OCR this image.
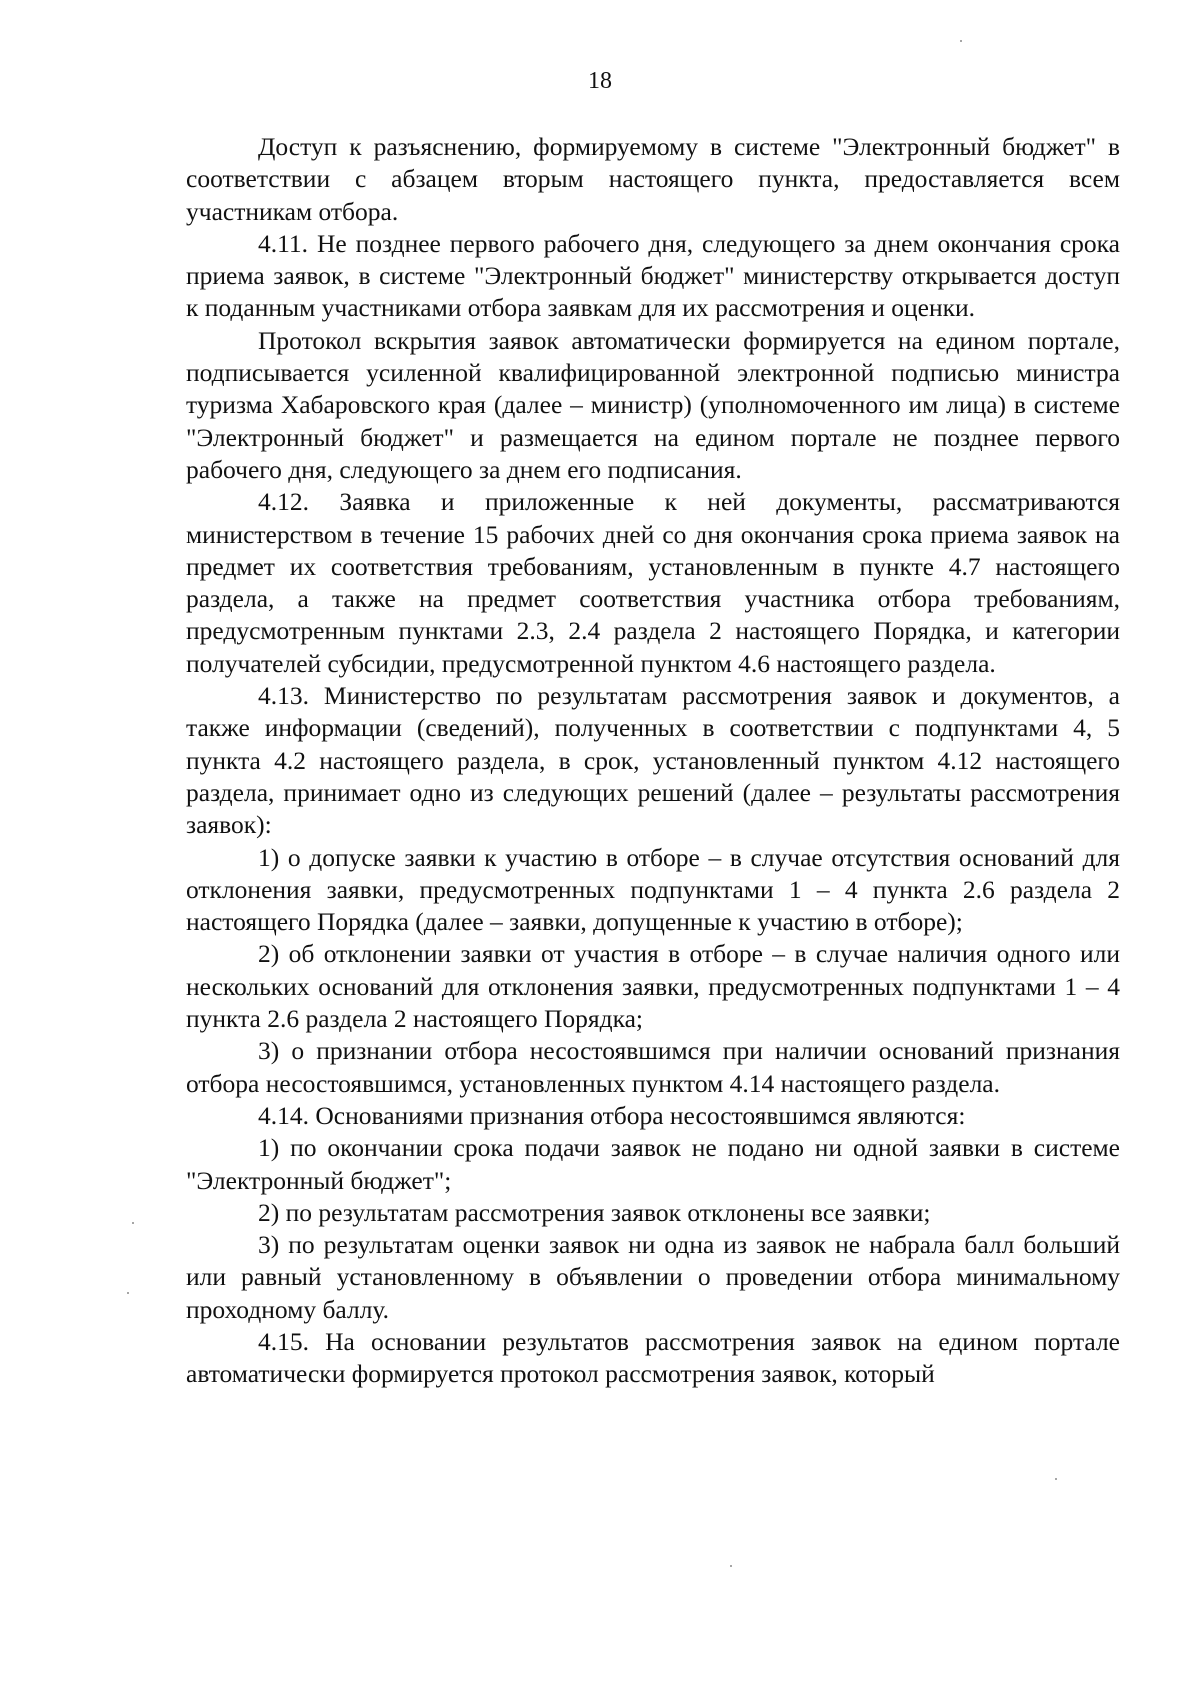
18

Доступ к разъяснению, формируемому в системе "Электронный бюджет" в соответствии с абзацем вторым настоящего пункта, предоставляется всем участникам отбора.

4.11. Не позднее первого рабочего дня, следующего за днем окончания срока приема заявок, в системе "Электронный бюджет" министерству открывается доступ к поданным участниками отбора заявкам для их рассмотрения и оценки.

Протокол вскрытия заявок автоматически формируется на едином портале, подписывается усиленной квалифицированной электронной подписью министра туризма Хабаровского края (далее – министр) (уполномоченного им лица) в системе "Электронный бюджет" и размещается на едином портале не позднее первого рабочего дня, следующего за днем его подписания.

4.12. Заявка и приложенные к ней документы, рассматриваются министерством в течение 15 рабочих дней со дня окончания срока приема заявок на предмет их соответствия требованиям, установленным в пункте 4.7 настоящего раздела, а также на предмет соответствия участника отбора требованиям, предусмотренным пунктами 2.3, 2.4 раздела 2 настоящего Порядка, и категории получателей субсидии, предусмотренной пунктом 4.6 настоящего раздела.

4.13. Министерство по результатам рассмотрения заявок и документов, а также информации (сведений), полученных в соответствии с подпунктами 4, 5 пункта 4.2 настоящего раздела, в срок, установленный пунктом 4.12 настоящего раздела, принимает одно из следующих решений (далее – результаты рассмотрения заявок):

1) о допуске заявки к участию в отборе – в случае отсутствия оснований для отклонения заявки, предусмотренных подпунктами 1 – 4 пункта 2.6 раздела 2 настоящего Порядка (далее – заявки, допущенные к участию в отборе);

2) об отклонении заявки от участия в отборе – в случае наличия одного или нескольких оснований для отклонения заявки, предусмотренных подпунктами 1 – 4 пункта 2.6 раздела 2 настоящего Порядка;

3) о признании отбора несостоявшимся при наличии оснований признания отбора несостоявшимся, установленных пунктом 4.14 настоящего раздела.

4.14. Основаниями признания отбора несостоявшимся являются:

1) по окончании срока подачи заявок не подано ни одной заявки в системе "Электронный бюджет";

2) по результатам рассмотрения заявок отклонены все заявки;

3) по результатам оценки заявок ни одна из заявок не набрала балл больший или равный установленному в объявлении о проведении отбора минимальному проходному баллу.

4.15. На основании результатов рассмотрения заявок на едином портале автоматически формируется протокол рассмотрения заявок, который
